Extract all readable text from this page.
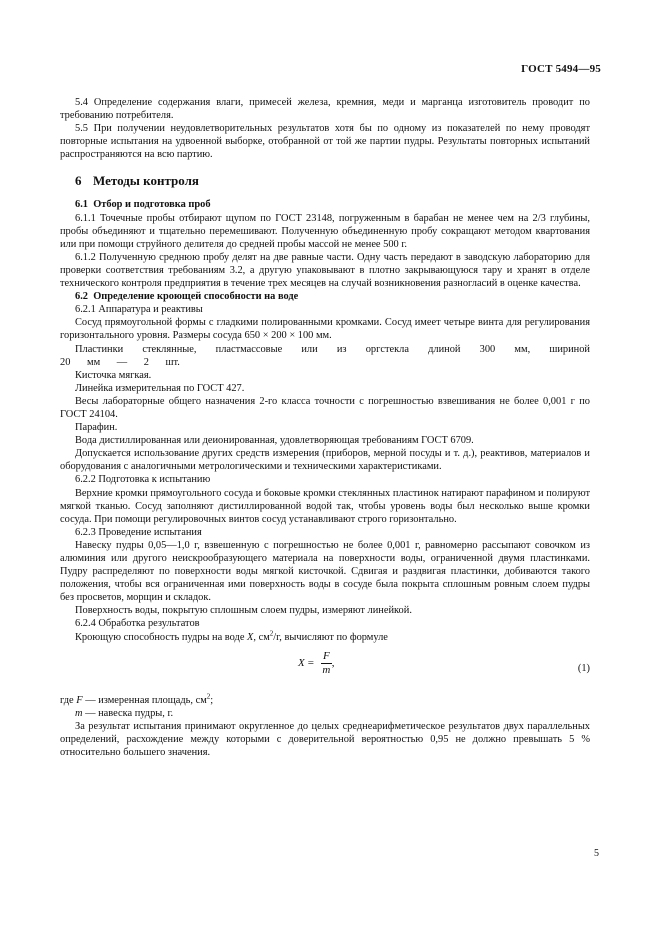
ГОСТ 5494—95

5.4 Определение содержания влаги, примесей железа, кремния, меди и марганца изготовитель проводит по требованию потребителя.

5.5 При получении неудовлетворительных результатов хотя бы по одному из показателей по нему проводят повторные испытания на удвоенной выборке, отобранной от той же партии пудры. Результаты повторных испытаний распространяются на всю партию.

6 Методы контроля

6.1 Отбор и подготовка проб

6.1.1 Точечные пробы отбирают щупом по ГОСТ 23148, погруженным в барабан не менее чем на 2/3 глубины, пробы объединяют и тщательно перемешивают. Полученную объединенную пробу сокращают методом квартования или при помощи струйного делителя до средней пробы массой не менее 500 г.

6.1.2 Полученную среднюю пробу делят на две равные части. Одну часть передают в заводскую лабораторию для проверки соответствия требованиям 3.2, а другую упаковывают в плотно закрывающуюся тару и хранят в отделе технического контроля предприятия в течение трех месяцев на случай возникновения разногласий в оценке качества.

6.2 Определение кроющей способности на воде

6.2.1 Аппаратура и реактивы

Сосуд прямоугольной формы с гладкими полированными кромками. Сосуд имеет четыре винта для регулирования горизонтального уровня. Размеры сосуда 650 × 200 × 100 мм.

Пластинки стеклянные, пластмассовые или из оргстекла длиной 300 мм, шириной 20 мм — 2 шт.

Кисточка мягкая.

Линейка измерительная по ГОСТ 427.

Весы лабораторные общего назначения 2-го класса точности с погрешностью взвешивания не более 0,001 г по ГОСТ 24104.

Парафин.

Вода дистиллированная или деионированная, удовлетворяющая требованиям ГОСТ 6709.

Допускается использование других средств измерения (приборов, мерной посуды и т. д.), реактивов, материалов и оборудования с аналогичными метрологическими и техническими характеристиками.

6.2.2 Подготовка к испытанию

Верхние кромки прямоугольного сосуда и боковые кромки стеклянных пластинок натирают парафином и полируют мягкой тканью. Сосуд заполняют дистиллированной водой так, чтобы уровень воды был несколько выше кромки сосуда. При помощи регулировочных винтов сосуд устанавливают строго горизонтально.

6.2.3 Проведение испытания

Навеску пудры 0,05—1,0 г, взвешенную с погрешностью не более 0,001 г, равномерно рассыпают совочком из алюминия или другого неискрообразующего материала на поверхности воды, ограниченной двумя пластинками. Пудру распределяют по поверхности воды мягкой кисточкой. Сдвигая и раздвигая пластинки, добиваются такого положения, чтобы вся ограниченная ими поверхность воды в сосуде была покрыта сплошным ровным слоем пудры без просветов, морщин и складок.

Поверхность воды, покрытую сплошным слоем пудры, измеряют линейкой.

6.2.4 Обработка результатов

Кроющую способность пудры на воде X, $см^2/г$, вычисляют по формуле

$X = \frac{F}{m}$ ,	(1)

где F — измеренная площадь, $см^2$;

m — навеска пудры, г.

За результат испытания принимают округленное до целых среднеарифметическое результатов двух параллельных определений, расхождение между которыми с доверительной вероятностью 0,95 не должно превышать 5 % относительно большего значения.

5
